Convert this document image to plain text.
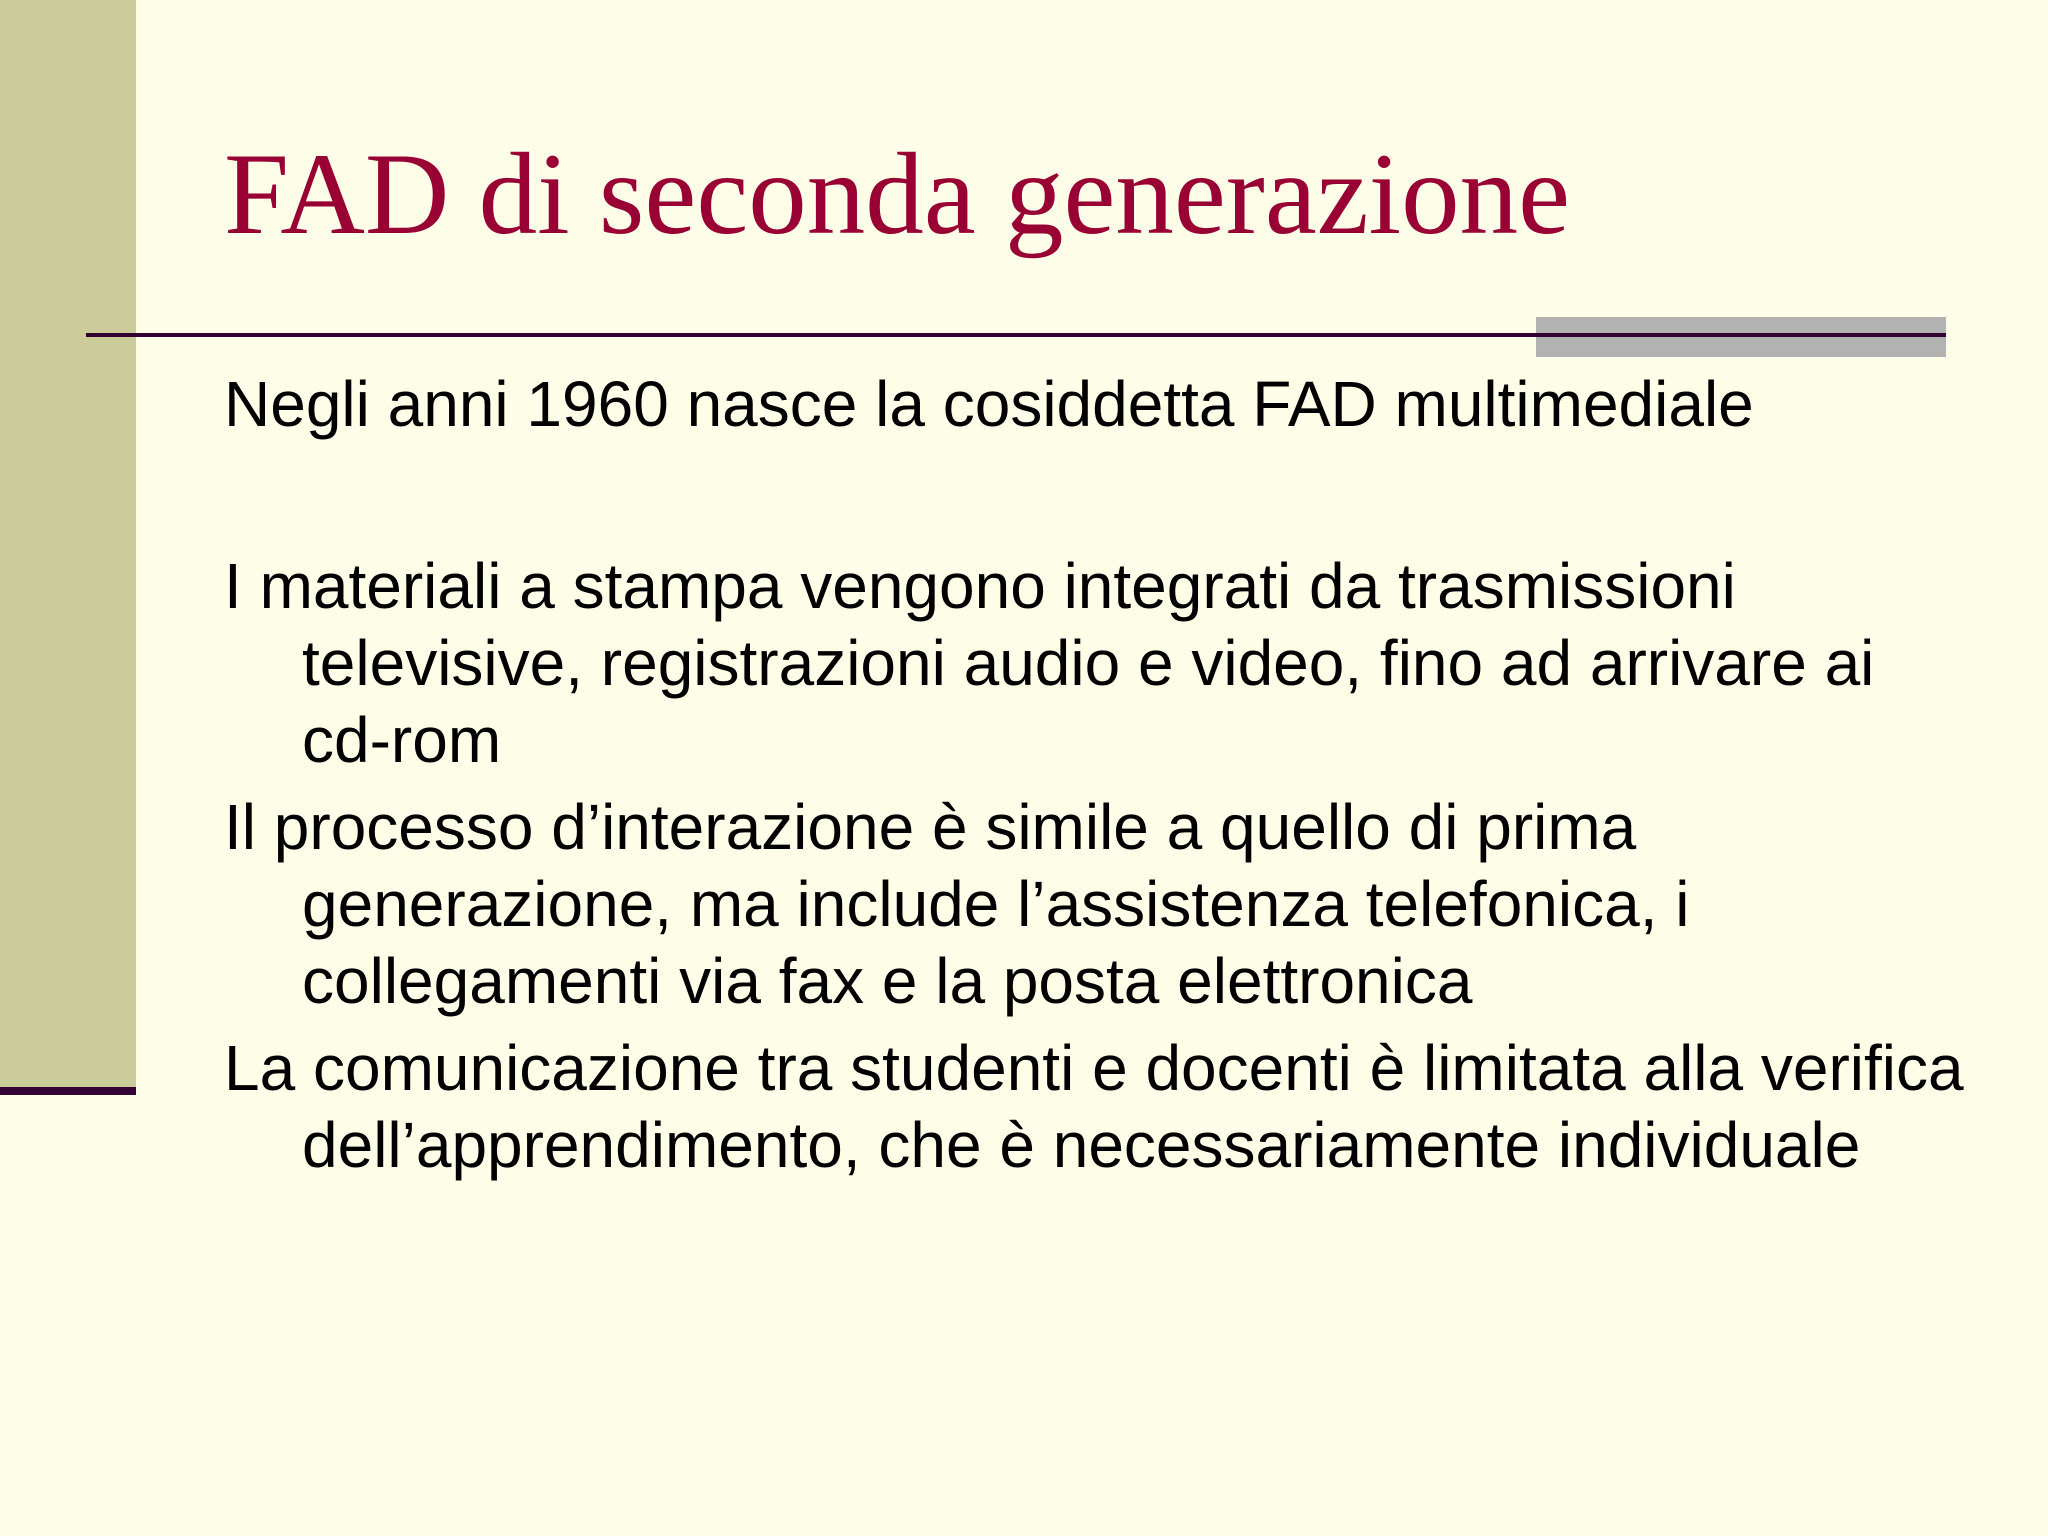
FAD di seconda generazione
Negli anni 1960 nasce la cosiddetta FAD multimediale
I materiali a stampa vengono integrati da trasmissioni televisive, registrazioni audio e video, fino ad arrivare ai cd-rom
Il processo d’interazione è simile a quello di prima generazione, ma include l’assistenza telefonica, i collegamenti via fax e la posta elettronica
La comunicazione tra studenti e docenti è limitata alla verifica dell’apprendimento, che è necessariamente individuale
